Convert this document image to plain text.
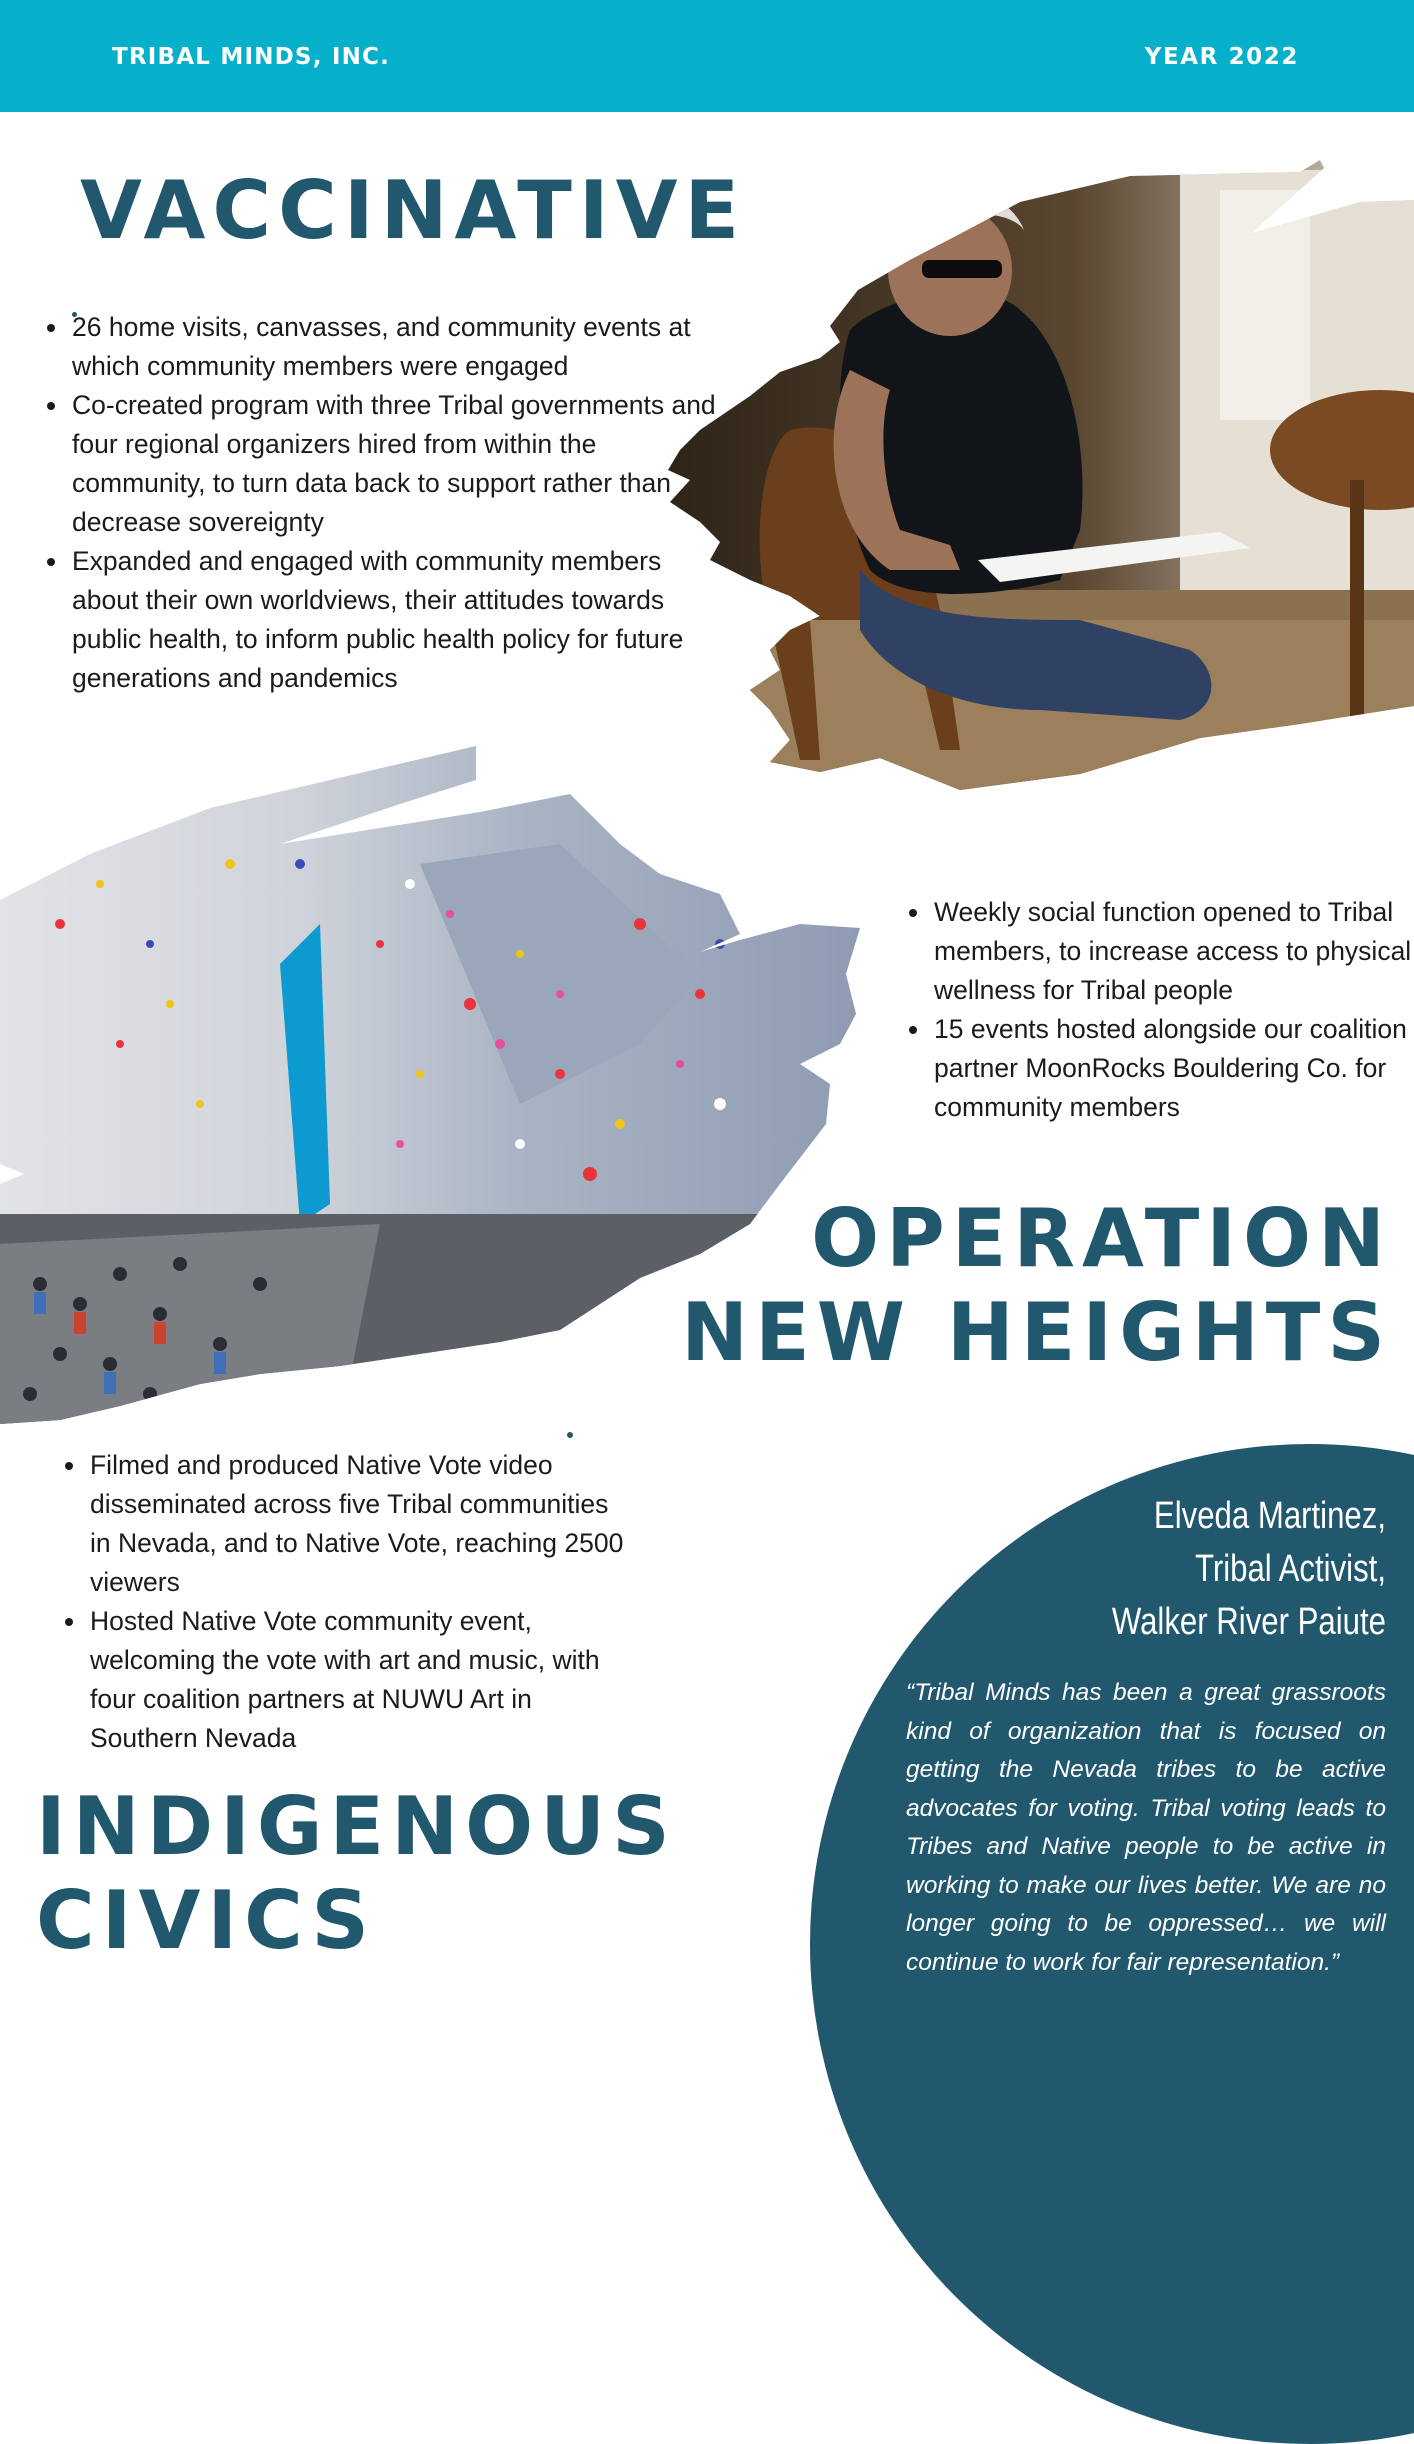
TRIBAL MINDS, INC.	YEAR 2022
VACCINATIVE
• 26 home visits, canvasses, and community events at which community members were engaged
• Co-created program with three Tribal governments and four regional organizers hired from within the community, to turn data back to support rather than decrease sovereignty
• Expanded and engaged with community members about their own worldviews, their attitudes towards public health, to inform public health policy for future generations and pandemics
• Weekly social function opened to Tribal members, to increase access to physical wellness for Tribal people
• 15 events hosted alongside our coalition partner MoonRocks Bouldering Co. for community members
OPERATION
NEW HEIGHTS
• Filmed and produced Native Vote video disseminated across five Tribal communities in Nevada, and to Native Vote, reaching 2500 viewers
• Hosted Native Vote community event, welcoming the vote with art and music, with four coalition partners at NUWU Art in Southern Nevada
INDIGENOUS
CIVICS
Elveda Martinez,
Tribal Activist,
Walker River Paiute

“Tribal Minds has been a great grassroots kind of organization that is focused on getting the Nevada tribes to be active advocates for voting. Tribal voting leads to Tribes and Native people to be active in working to make our lives better. We are no longer going to be oppressed… we will continue to work for fair representation.”
